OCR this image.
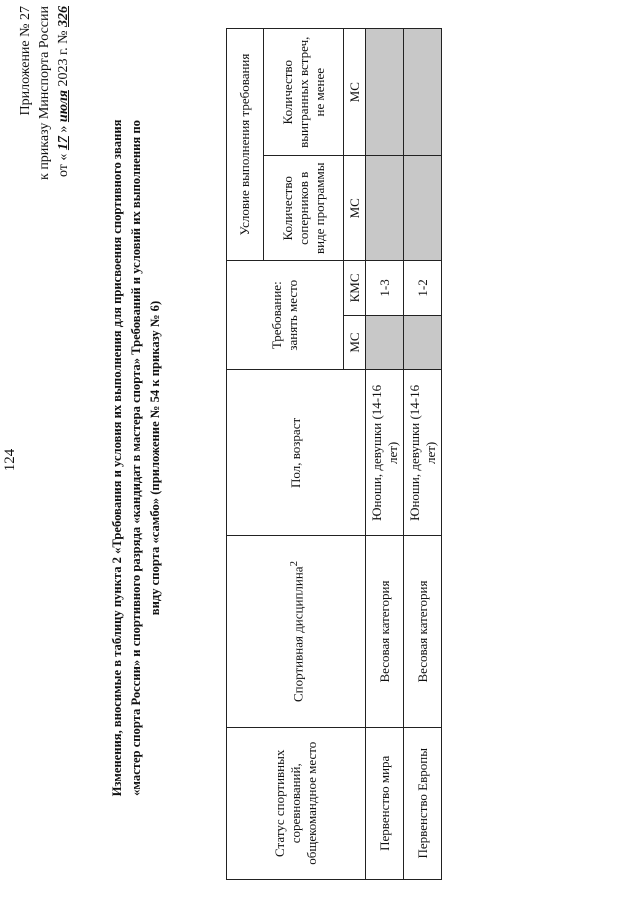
124
Приложение № 27 к приказу Минспорта России от « 17 » июля 2023 г. № 326
Изменения, вносимые в таблицу пункта 2 «Требования и условия их выполнения для присвоения спортивного звания «мастер спорта России» и спортивного разряда «кандидат в мастера спорта» Требований и условий их выполнения по виду спорта «самбо» (приложение № 54 к приказу № 6)
Статус спортивных соревнований, общекомандное место	Спортивная дисциплина$^2$	Пол, возраст	Требование: занять место		Условие выполнения требования	
					Количество соперников в виде программы	Количество выигранных встреч, не менее
			МС	КМС	МС	МС
Первенство мира	Весовая категория	Юноши, девушки (14-16 лет)		1-3		
Первенство Европы	Весовая категория	Юноши, девушки (14-16 лет)		1-2		
